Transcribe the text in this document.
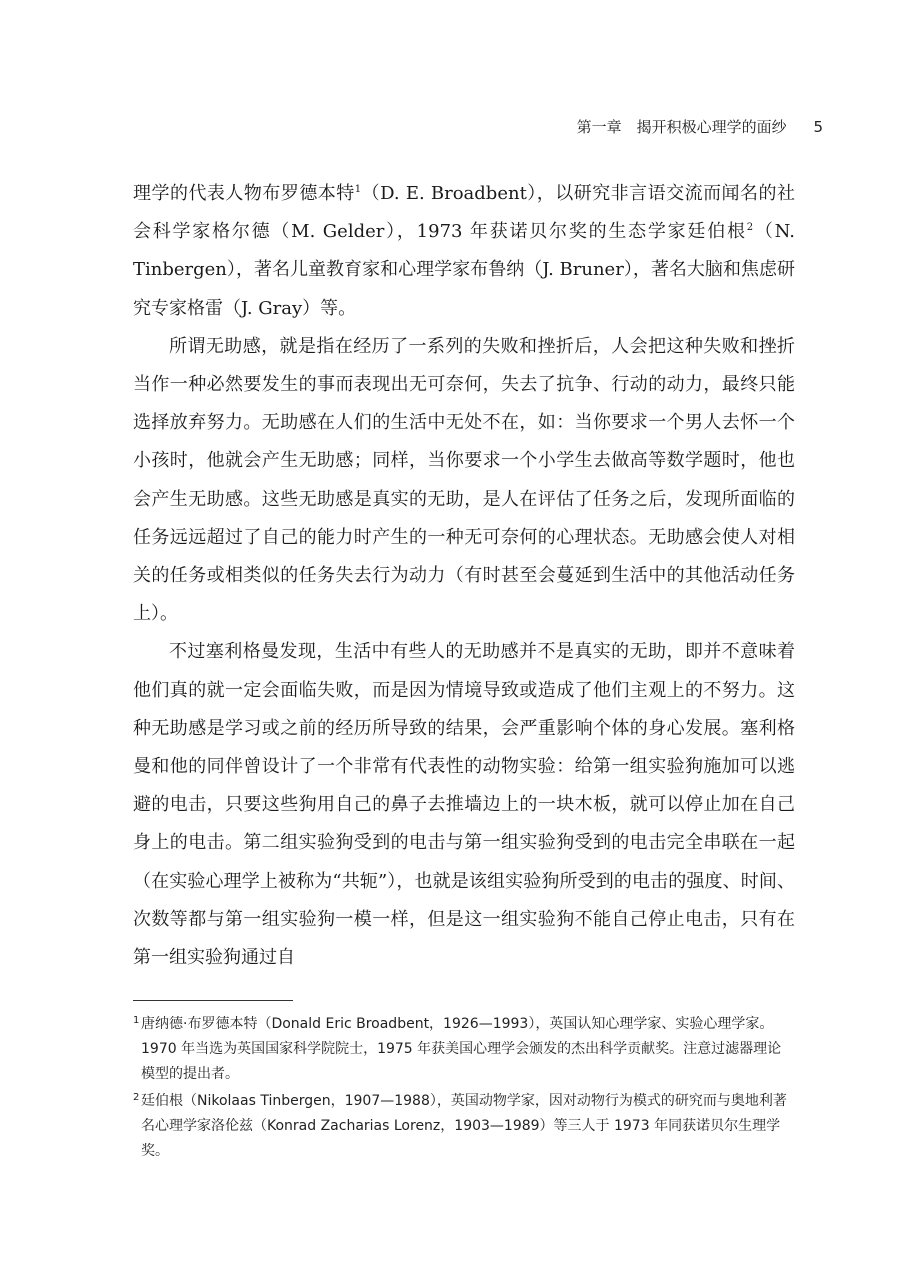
第一章　揭开积极心理学的面纱 5

理学的代表人物布罗德本特$^1$（D. E. Broadbent），以研究非言语交流而闻名的社会科学家格尔德（M. Gelder），1973 年获诺贝尔奖的生态学家廷伯根$^2$（N. Tinbergen），著名儿童教育家和心理学家布鲁纳（J. Bruner），著名大脑和焦虑研究专家格雷（J. Gray）等。

所谓无助感，就是指在经历了一系列的失败和挫折后，人会把这种失败和挫折当作一种必然要发生的事而表现出无可奈何，失去了抗争、行动的动力，最终只能选择放弃努力。无助感在人们的生活中无处不在，如：当你要求一个男人去怀一个小孩时，他就会产生无助感；同样，当你要求一个小学生去做高等数学题时，他也会产生无助感。这些无助感是真实的无助，是人在评估了任务之后，发现所面临的任务远远超过了自己的能力时产生的一种无可奈何的心理状态。无助感会使人对相关的任务或相类似的任务失去行为动力（有时甚至会蔓延到生活中的其他活动任务上）。

不过塞利格曼发现，生活中有些人的无助感并不是真实的无助，即并不意味着他们真的就一定会面临失败，而是因为情境导致或造成了他们主观上的不努力。这种无助感是学习或之前的经历所导致的结果，会严重影响个体的身心发展。塞利格曼和他的同伴曾设计了一个非常有代表性的动物实验：给第一组实验狗施加可以逃避的电击，只要这些狗用自己的鼻子去推墙边上的一块木板，就可以停止加在自己身上的电击。第二组实验狗受到的电击与第一组实验狗受到的电击完全串联在一起（在实验心理学上被称为“共轭”），也就是该组实验狗所受到的电击的强度、时间、次数等都与第一组实验狗一模一样，但是这一组实验狗不能自己停止电击，只有在第一组实验狗通过自

1 唐纳德·布罗德本特（Donald Eric Broadbent，1926—1993），英国认知心理学家、实验心理学家。1970 年当选为英国国家科学院院士，1975 年获美国心理学会颁发的杰出科学贡献奖。注意过滤器理论模型的提出者。
2 廷伯根（Nikolaas Tinbergen，1907—1988），英国动物学家，因对动物行为模式的研究而与奥地利著名心理学家洛伦兹（Konrad Zacharias Lorenz，1903—1989）等三人于 1973 年同获诺贝尔生理学奖。
